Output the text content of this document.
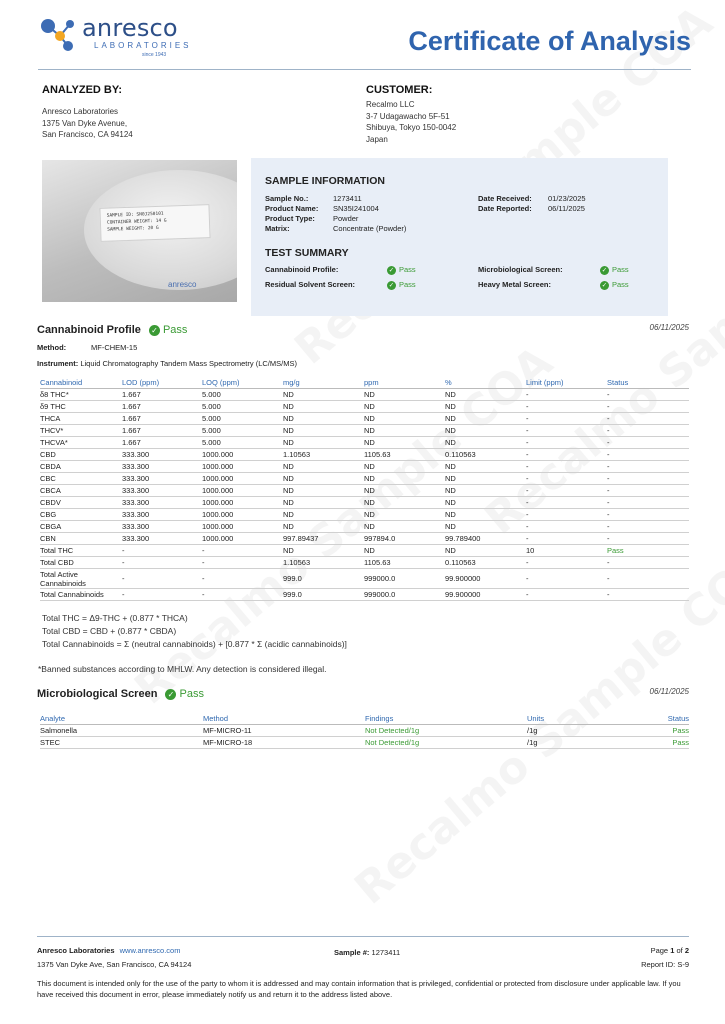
anresco
LABORATORIES
since 1943	Certificate of Analysis
ANALYZED BY:
Anresco Laboratories
1375 Van Dyke Avenue,
San Francisco, CA 94124
CUSTOMER:
Recalmo LLC
3-7 Udagawacho 5F-51
Shibuya, Tokyo 150-0042
Japan
SAMPLE ID: SN0J250101
CONTAINER WEIGHT: 14 G
SAMPLE WEIGHT: 20 G
anresco
SAMPLE INFORMATION
Sample No.:	1273411
Product Name: SN35I241004
Product Type: Powder
Matrix:	Concentrate (Powder)
Date Received: 01/23/2025
Date Reported: 06/11/2025
TEST SUMMARY
Cannabinoid Profile:	✓ Pass
Residual Solvent Screen:	✓ Pass
Microbiological Screen:	✓ Pass
Heavy Metal Screen:	✓ Pass
Cannabinoid Profile ✓ Pass	06/11/2025
Method:	MF-CHEM-15
Instrument: Liquid Chromatography Tandem Mass Spectrometry (LC/MS/MS)
Cannabinoid	LOD (ppm)	LOQ (ppm)	mg/g	ppm	%	Limit (ppm)	Status
δ8 THC*	1.667	5.000	ND	ND	ND	-	-
δ9 THC	1.667	5.000	ND	ND	ND	-	-
THCA	1.667	5.000	ND	ND	ND	-	-
THCV*	1.667	5.000	ND	ND	ND	-	-
THCVA*	1.667	5.000	ND	ND	ND	-	-
CBD	333.300	1000.000	1.10563	1105.63	0.110563	-	-
CBDA	333.300	1000.000	ND	ND	ND	-	-
CBC	333.300	1000.000	ND	ND	ND	-	-
CBCA	333.300	1000.000	ND	ND	ND	-	-
CBDV	333.300	1000.000	ND	ND	ND	-	-
CBG	333.300	1000.000	ND	ND	ND	-	-
CBGA	333.300	1000.000	ND	ND	ND	-	-
CBN	333.300	1000.000	997.89437	997894.0	99.789400	-	-
Total THC	-	-	ND	ND	ND	10	Pass
Total CBD	-	-	1.10563	1105.63	0.110563	-	-
Total Active Cannabinoids	-	-	999.0	999000.0	99.900000	-	-
Total Cannabinoids	-	-	999.0	999000.0	99.900000	-	-
Total THC = Δ9-THC + (0.877 * THCA)
Total CBD = CBD + (0.877 * CBDA)
Total Cannabinoids = Σ (neutral cannabinoids) + [0.877 * Σ (acidic cannabinoids)]
*Banned substances according to MHLW. Any detection is considered illegal.
Microbiological Screen ✓ Pass	06/11/2025
Analyte	Method	Findings	Units	Status
Salmonella	MF-MICRO-11	Not Detected/1g	/1g	Pass
STEC	MF-MICRO-18	Not Detected/1g	/1g	Pass
Anresco Laboratories www.anresco.com
1375 Van Dyke Ave, San Francisco, CA 94124
Sample #: 1273411	Page 1 of 2
Report ID: S-9
This document is intended only for the use of the party to whom it is addressed and may contain information that is privileged, confidential or protected from disclosure under applicable law. If you have received this document in error, please immediately notify us and return it to the address listed above.
